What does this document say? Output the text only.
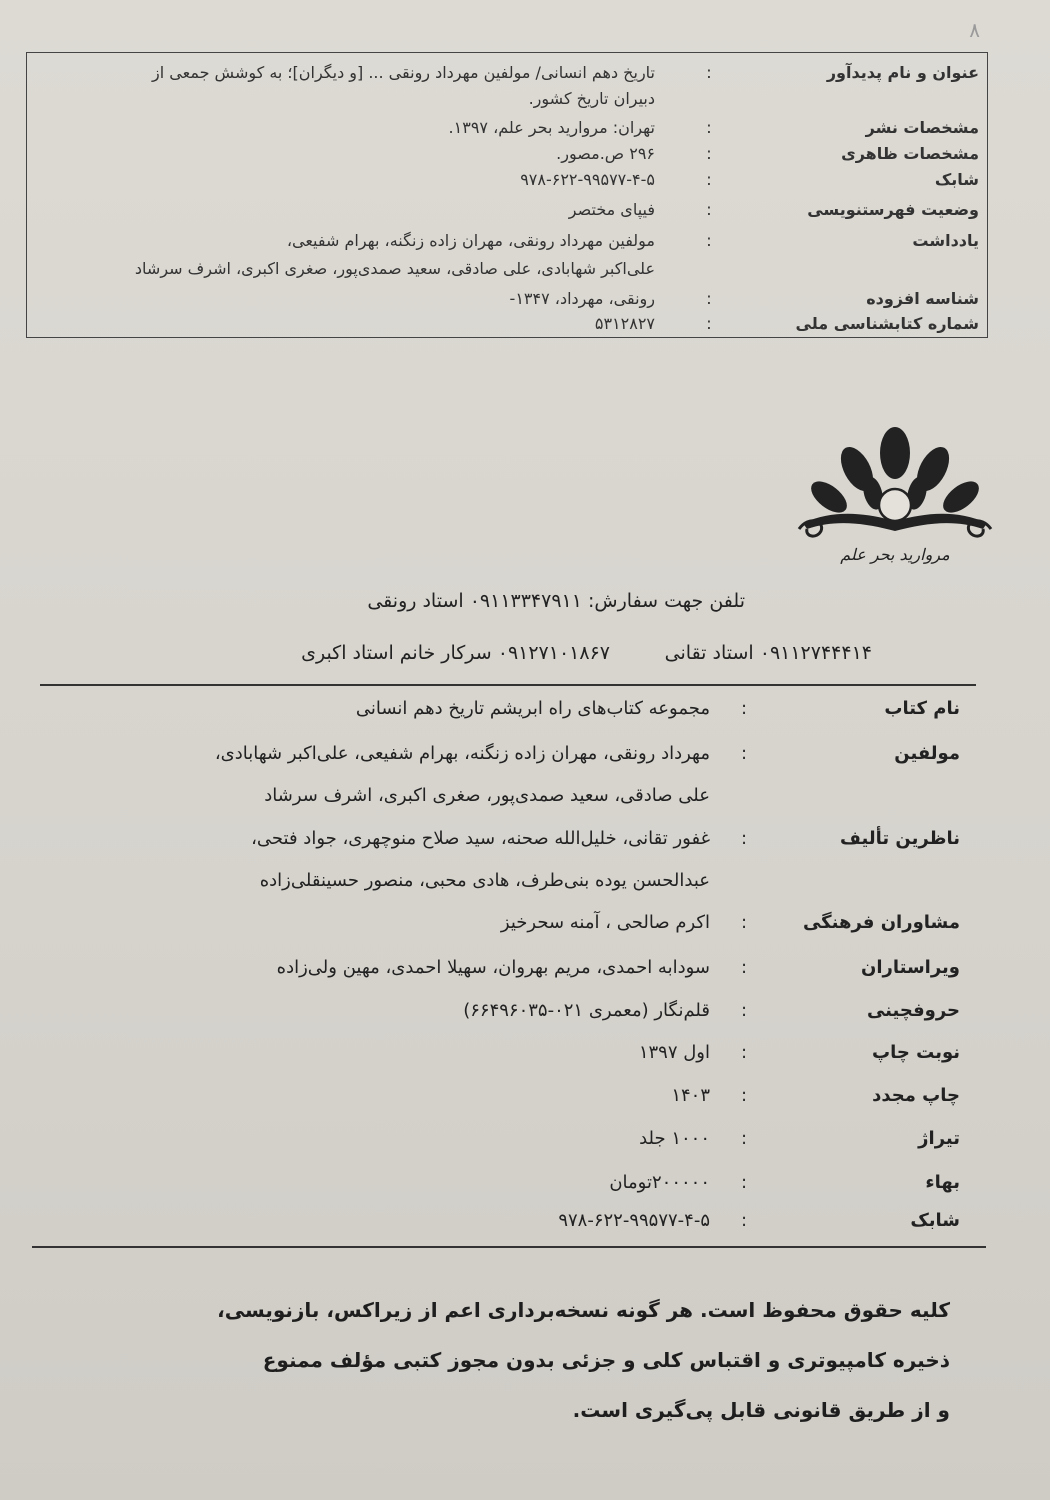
۸
عنوان و نام پدیدآور
:
تاریخ دهم انسانی/ مولفین مهرداد رونقی ... [و دیگران]؛ به کوشش جمعی از
دبیران تاریخ کشور.
مشخصات نشر
:
تهران: مروارید بحر علم، ۱۳۹۷.
مشخصات ظاهری
:
۲۹۶ ص.مصور.
شابک
:
۹۷۸-۶۲۲-۹۹۵۷۷-۴-۵
وضعیت فهرستنویسی
:
فیپای مختصر
یادداشت
:
مولفین مهرداد رونقی، مهران زاده زنگنه، بهرام شفیعی،
علی‌اکبر شهابادی، علی صادقی، سعید صمدی‌پور، صغری اکبری، اشرف سرشاد
شناسه افزوده
:
رونقی، مهرداد، ۱۳۴۷-
شماره کتابشناسی ملی
:
۵۳۱۲۸۲۷
مروارید بحر علم
تلفن جهت سفارش: ۰۹۱۱۳۳۴۷۹۱۱ استاد رونقی
۰۹۱۱۲۷۴۴۴۱۴ استاد تقانی
۰۹۱۲۷۱۰۱۸۶۷ سرکار خانم استاد اکبری
نام کتاب
:
مجموعه کتاب‌های راه ابریشم تاریخ دهم انسانی
مولفین
:
مهرداد رونقی، مهران زاده زنگنه، بهرام شفیعی، علی‌اکبر شهابادی،
علی صادقی، سعید صمدی‌پور، صغری اکبری، اشرف سرشاد
ناظرین تألیف
:
غفور تقانی، خلیل‌الله صحنه، سید صلاح منوچهری، جواد فتحی،
عبدالحسن یوده بنی‌طرف، هادی محبی، منصور حسینقلی‌زاده
مشاوران فرهنگی
:
اکرم صالحی ، آمنه سحرخیز
ویراستاران
:
سودابه احمدی، مریم بهروان، سهیلا احمدی، مهین ولی‌زاده
حروفچینی
:
قلم‌نگار (معمری ۰۲۱-۶۶۴۹۶۰۳۵)
نوبت چاپ
:
اول ۱۳۹۷
چاپ مجدد
:
۱۴۰۳
تیراژ
:
۱۰۰۰ جلد
بهاء
:
۲۰۰۰۰۰تومان
شابک
:
۹۷۸-۶۲۲-۹۹۵۷۷-۴-۵
کلیه حقوق محفوظ است. هر گونه نسخه‌برداری اعم از زیراکس، بازنویسی،
ذخیره کامپیوتری و اقتباس کلی و جزئی بدون مجوز کتبی مؤلف ممنوع
و از طریق قانونی قابل پی‌گیری است.
